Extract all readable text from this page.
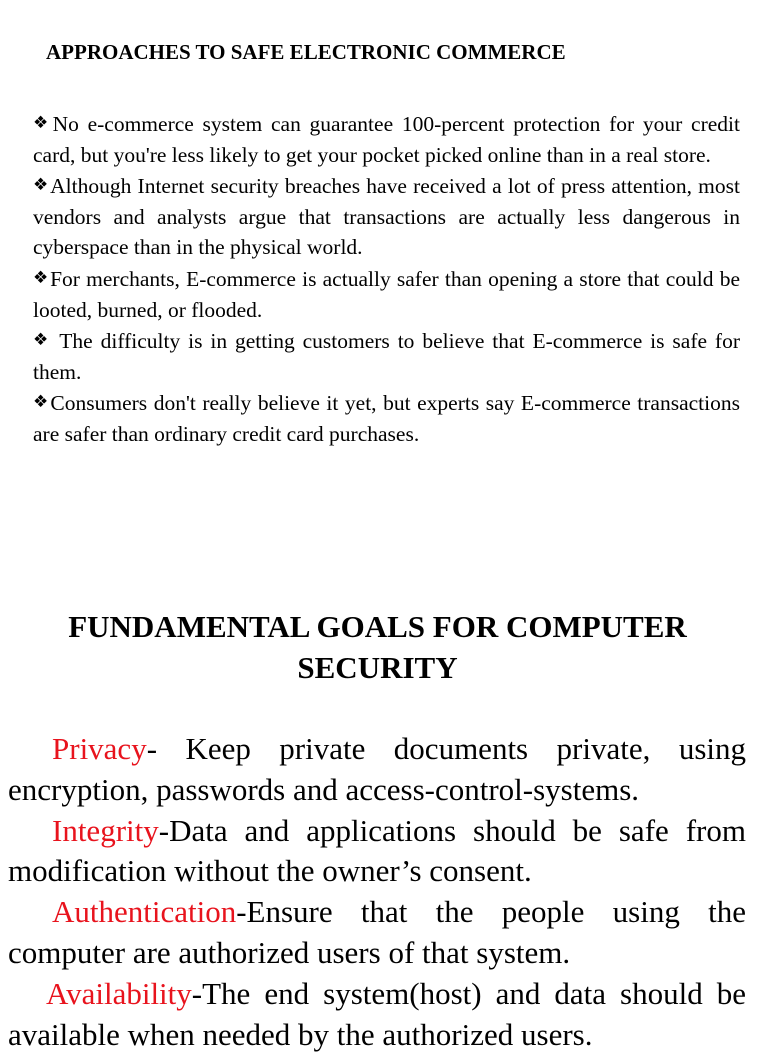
APPROACHES TO SAFE ELECTRONIC COMMERCE

❖No e-commerce system can guarantee 100-percent protection for your credit card, but you're less likely to get your pocket picked online than in a real store.

❖Although Internet security breaches have received a lot of press attention, most vendors and analysts argue that transactions are actually less dangerous in cyberspace than in the physical world.

❖For merchants, E-commerce is actually safer than opening a store that could be looted, burned, or flooded.

❖ The difficulty is in getting customers to believe that E-commerce is safe for them.

❖Consumers don't really believe it yet, but experts say E-commerce transactions are safer than ordinary credit card purchases.

FUNDAMENTAL GOALS FOR COMPUTER SECURITY

Privacy- Keep private documents private, using encryption, passwords and access-control-systems.

Integrity-Data and applications should be safe from modification without the owner’s consent.

Authentication-Ensure that the people using the computer are authorized users of that system.

Availability-The end system(host) and data should be available when needed by the authorized users.
